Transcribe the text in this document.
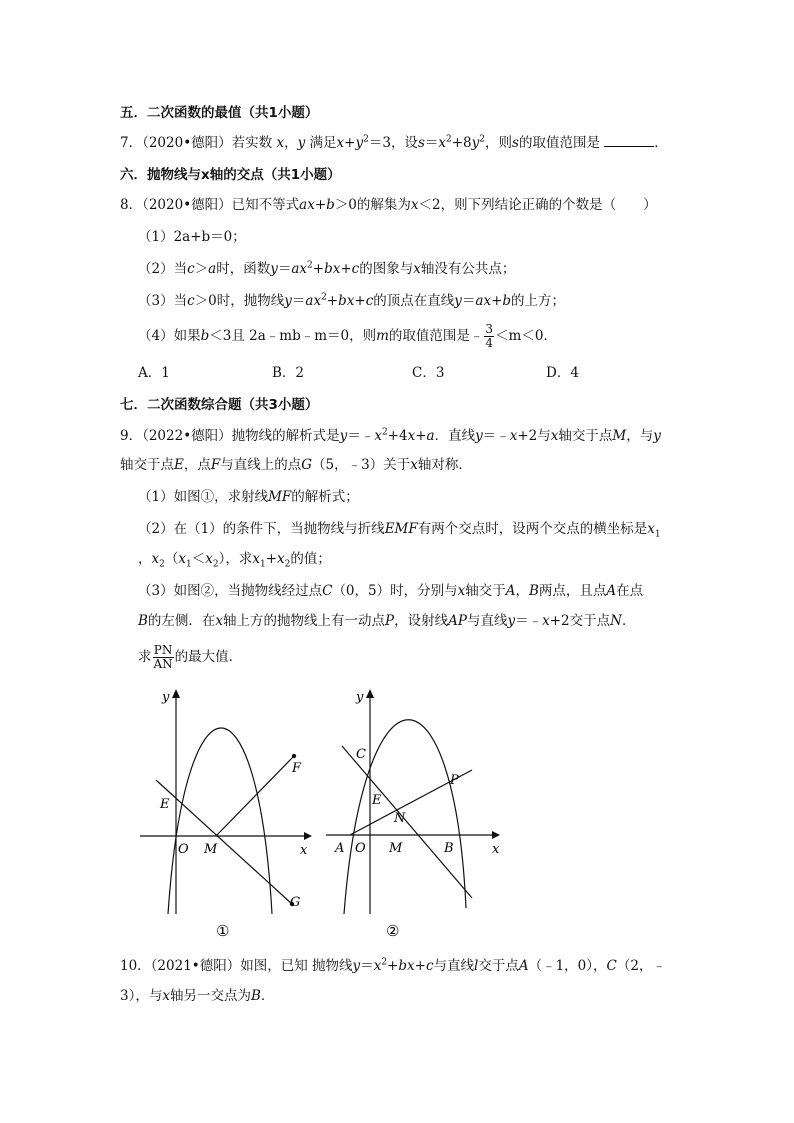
五．二次函数的最值（共1小题）
7．（2020•德阳）若实数 x，y 满足$x+y^2=3$，设$s=x^2+8y^2$，则s的取值范围是	．
六．抛物线与x轴的交点（共1小题）
8．（2020•德阳）已知不等式ax+b＞0的解集为x＜2，则下列结论正确的个数是（　　）
（1）2a+b＝0；
（2）当c＞a时，函数$y=ax^2+bx+c$的图象与x轴没有公共点；
（3）当c＞0时，抛物线$y=ax^2+bx+c$的顶点在直线y＝ax+b的上方；
（4）如果b＜3且 2a﹣mb﹣m＝0，则m的取值范围是﹣ $\frac{3}{4} <m<0$．
A．1	B．2	C．3	D．4
七．二次函数综合题（共3小题）
9．（2022•德阳）抛物线的解析式是$y=﹣x^2+4x+a$．直线y＝﹣x+2与x轴交于点M，与y
轴交于点E，点F与直线上的点G（5，﹣3）关于x轴对称．
（1）如图①，求射线MF的解析式；
（2）在（1）的条件下，当抛物线与折线EMF有两个交点时，设两个交点的横坐标是$x_1$
，$x_2(x_1<x_2)$，求$x_1+x_2$的值；
（3）如图②，当抛物线经过点C（0，5）时，分别与x轴交于A，B两点，且点A在点
B的左侧．在x轴上方的抛物线上有一动点P，设射线AP与直线y＝﹣x+2交于点N．
求 $\frac{PN}{AN}$ 的最大值．
y
x
O M
E
F
G
①
y
x
C
E
N
P
A O M	B
②
10．（2021•德阳）如图，已知 抛物线$y=x^2+bx+c$与直线l交于点A（﹣1，0），C（2，﹣
3），与x轴另一交点为B．
